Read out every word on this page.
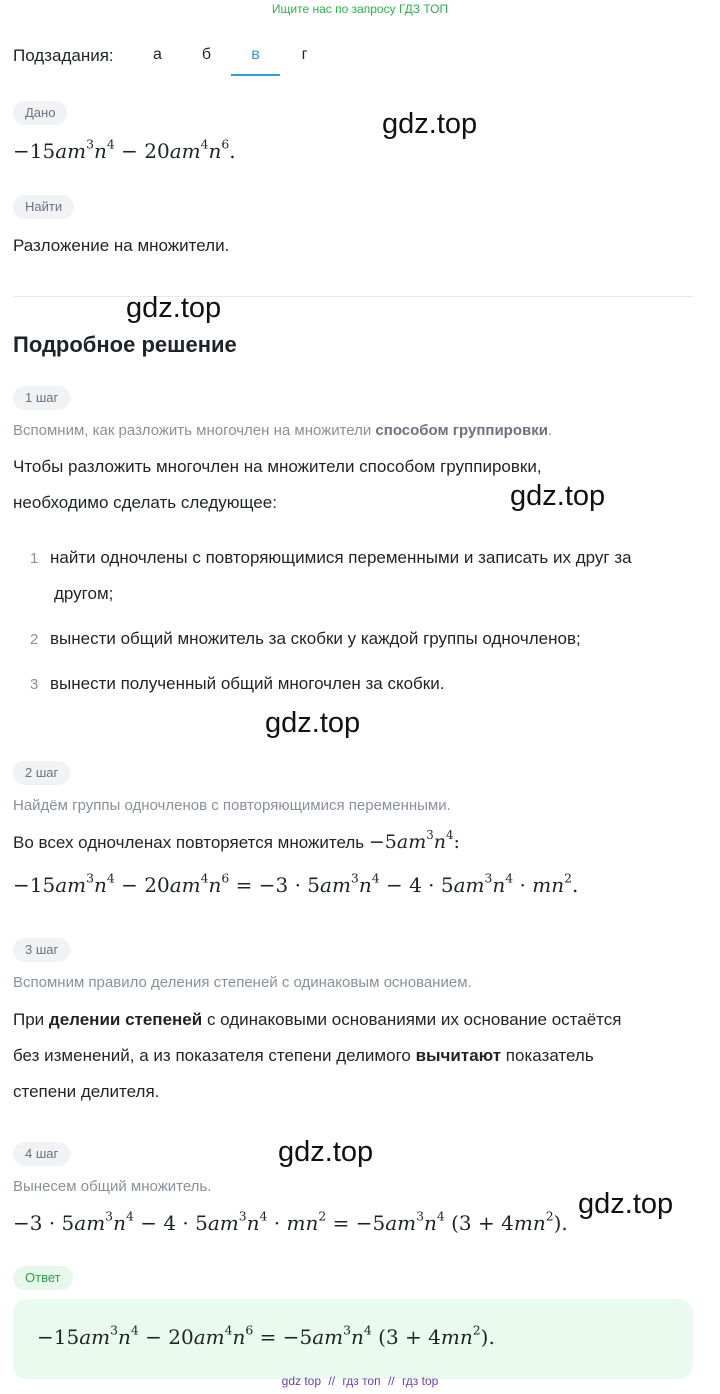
Ищите нас по запросу ГДЗ ТОП
Подзадания:	а	б	в	г
Дано
$-15am^3n^4 - 20am^4n^6$.
gdz.top
Найти
Разложение на множители.
gdz.top
Подробное решение
1 шаг
Вспомним, как разложить многочлен на множители способом группировки.
Чтобы разложить многочлен на множители способом группировки,
необходимо сделать следующее:	gdz.top
1 найти одночлены с повторяющимися переменными и записать их друг за
другом;
2 вынести общий множитель за скобки у каждой группы одночленов;
3 вынести полученный общий многочлен за скобки.
gdz.top
2 шаг
Найдём группы одночленов с повторяющимися переменными.
Во всех одночленах повторяется множитель $-5am^3n^4$:
$-15am^3n^4 - 20am^4n^6 = -3 \cdot 5am^3n^4 - 4 \cdot 5am^3n^4 \cdot mn^2$.
3 шаг
Вспомним правило деления степеней с одинаковым основанием.
При делении степеней с одинаковыми основаниями их основание остаётся
без изменений, а из показателя степени делимого вычитают показатель
степени делителя.
4 шаг	gdz.top
Вынесем общий множитель.
$-3 \cdot 5am^3n^4 - 4 \cdot 5am^3n^4 \cdot mn^2 = -5am^3n^4$ $(3 + 4mn^2)$.
gdz.top
Ответ
$-15am^3n^4 - 20am^4n^6 = -5am^3n^4$ $(3 + 4mn^2)$.
gdz top // гдз топ // гдз top
